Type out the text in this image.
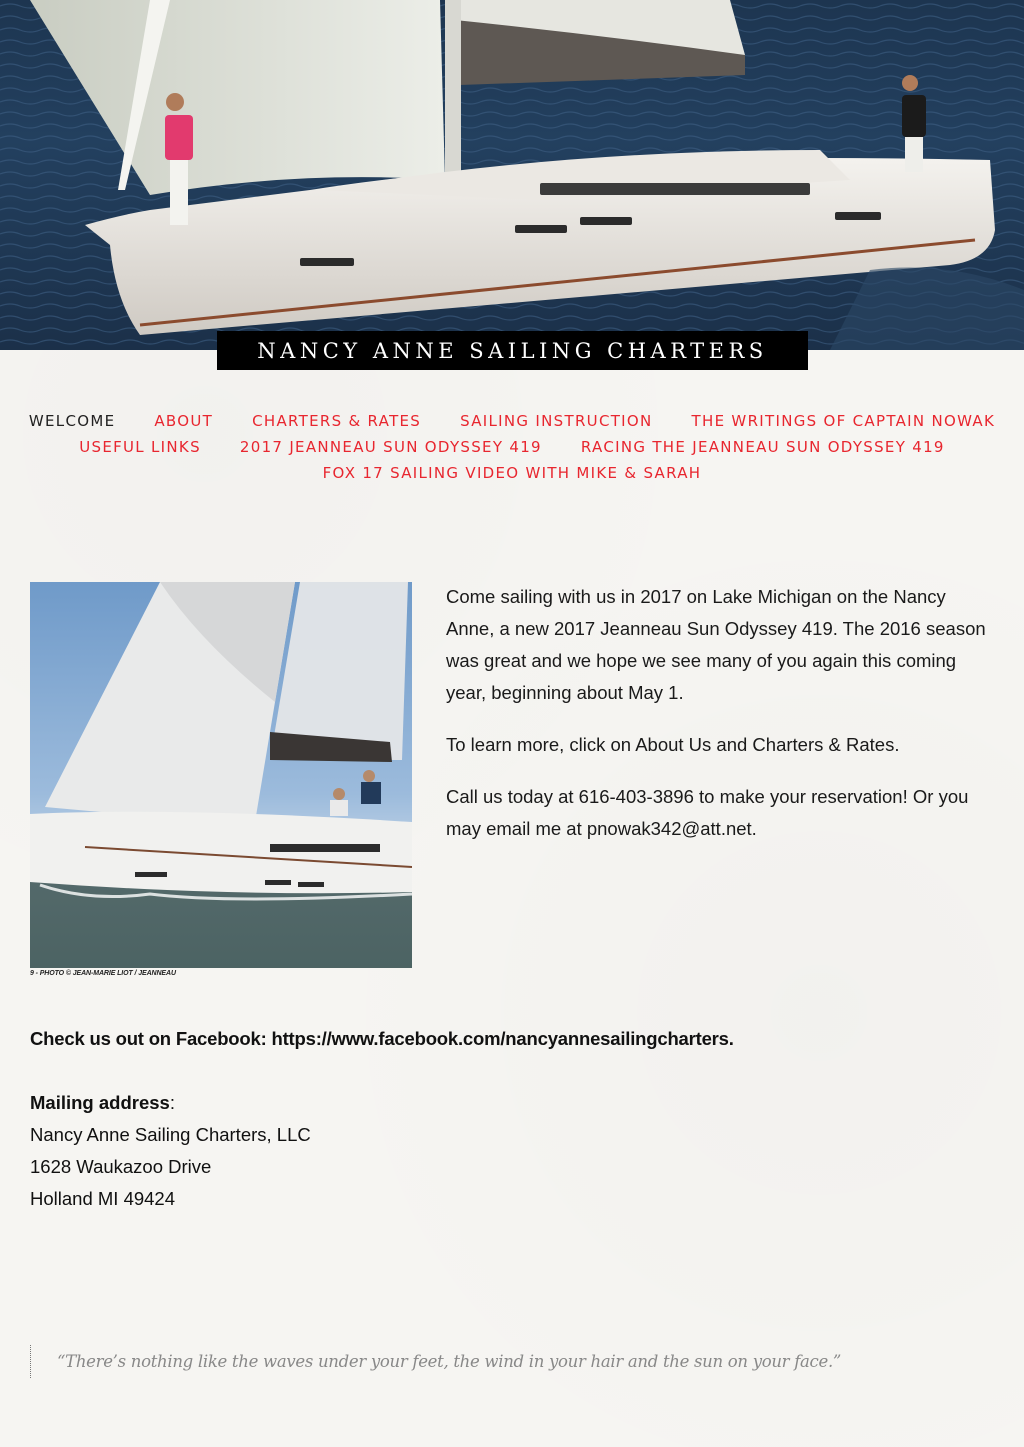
NANCY ANNE SAILING CHARTERS
WELCOME	ABOUT	CHARTERS & RATES	SAILING INSTRUCTION	THE WRITINGS OF CAPTAIN NOWAK
USEFUL LINKS	2017 JEANNEAU SUN ODYSSEY 419	RACING THE JEANNEAU SUN ODYSSEY 419
FOX 17 SAILING VIDEO WITH MIKE & SARAH
9 - PHOTO © JEAN-MARIE LIOT / JEANNEAU

Come sailing with us in 2017 on Lake Michigan on the Nancy Anne, a new 2017 Jeanneau Sun Odyssey 419. The 2016 season was great and we hope we see many of you again this coming year, beginning about May 1.

To learn more, click on About Us and Charters & Rates.

Call us today at 616-403-3896 to make your reservation! Or you may email me at pnowak342@att.net.

Check us out on Facebook: https://www.facebook.com/nancyannesailingcharters.
Mailing address:
Nancy Anne Sailing Charters, LLC
1628 Waukazoo Drive
Holland MI 49424
“There’s nothing like the waves under your feet, the wind in your hair and the sun on your face.”
